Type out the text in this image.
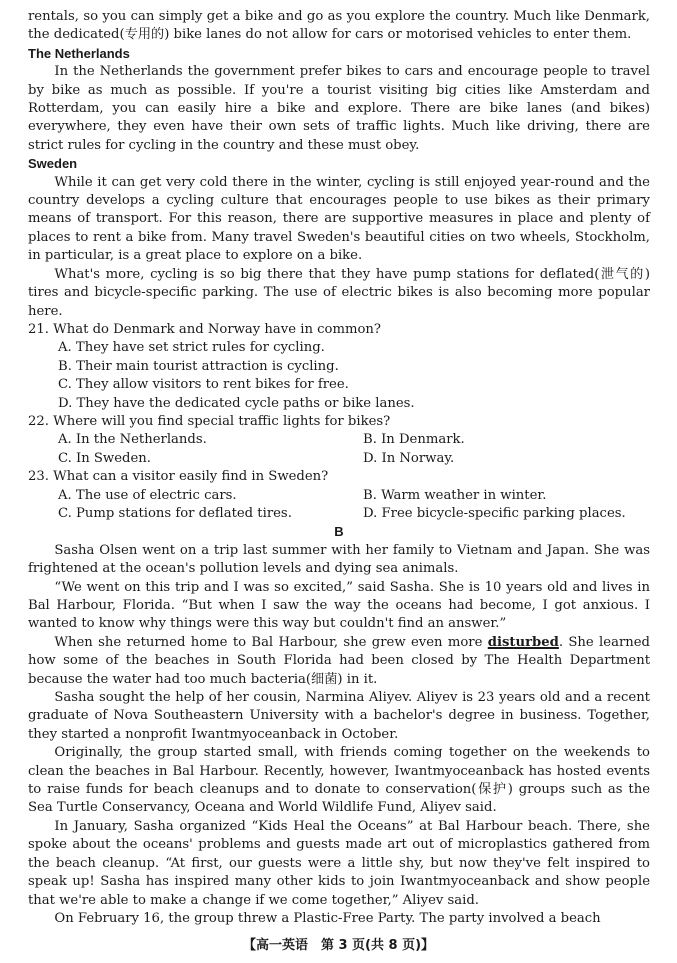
rentals, so you can simply get a bike and go as you explore the country. Much like Denmark, the dedicated(专用的) bike lanes do not allow for cars or motorised vehicles to enter them.

The Netherlands

In the Netherlands the government prefer bikes to cars and encourage people to travel by bike as much as possible. If you're a tourist visiting big cities like Amsterdam and Rotterdam, you can easily hire a bike and explore. There are bike lanes (and bikes) everywhere, they even have their own sets of traffic lights. Much like driving, there are strict rules for cycling in the country and these must obey.

Sweden

While it can get very cold there in the winter, cycling is still enjoyed year-round and the country develops a cycling culture that encourages people to use bikes as their primary means of transport. For this reason, there are supportive measures in place and plenty of places to rent a bike from. Many travel Sweden's beautiful cities on two wheels, Stockholm, in particular, is a great place to explore on a bike.

What's more, cycling is so big there that they have pump stations for deflated(泄气的) tires and bicycle-specific parking. The use of electric bikes is also becoming more popular here.

21. What do Denmark and Norway have in common?
A. They have set strict rules for cycling.
B. Their main tourist attraction is cycling.
C. They allow visitors to rent bikes for free.
D. They have the dedicated cycle paths or bike lanes.
22. Where will you find special traffic lights for bikes?
A. In the Netherlands.	B. In Denmark.
C. In Sweden.	D. In Norway.
23. What can a visitor easily find in Sweden?
A. The use of electric cars.	B. Warm weather in winter.
C. Pump stations for deflated tires.	D. Free bicycle-specific parking places.
B

Sasha Olsen went on a trip last summer with her family to Vietnam and Japan. She was frightened at the ocean's pollution levels and dying sea animals.

“We went on this trip and I was so excited,” said Sasha. She is 10 years old and lives in Bal Harbour, Florida. “But when I saw the way the oceans had become, I got anxious. I wanted to know why things were this way but couldn't find an answer.”

When she returned home to Bal Harbour, she grew even more disturbed. She learned how some of the beaches in South Florida had been closed by The Health Department because the water had too much bacteria(细菌) in it.

Sasha sought the help of her cousin, Narmina Aliyev. Aliyev is 23 years old and a recent graduate of Nova Southeastern University with a bachelor's degree in business. Together, they started a nonprofit Iwantmyoceanback in October.

Originally, the group started small, with friends coming together on the weekends to clean the beaches in Bal Harbour. Recently, however, Iwantmyoceanback has hosted events to raise funds for beach cleanups and to donate to conservation(保护) groups such as the Sea Turtle Conservancy, Oceana and World Wildlife Fund, Aliyev said.

In January, Sasha organized “Kids Heal the Oceans” at Bal Harbour beach. There, she spoke about the oceans' problems and guests made art out of microplastics gathered from the beach cleanup. “At first, our guests were a little shy, but now they've felt inspired to speak up! Sasha has inspired many other kids to join Iwantmyoceanback and show people that we're able to make a change if we come together,” Aliyev said.

On February 16, the group threw a Plastic-Free Party. The party involved a beach

【高一英语　第 3 页(共 8 页)】
